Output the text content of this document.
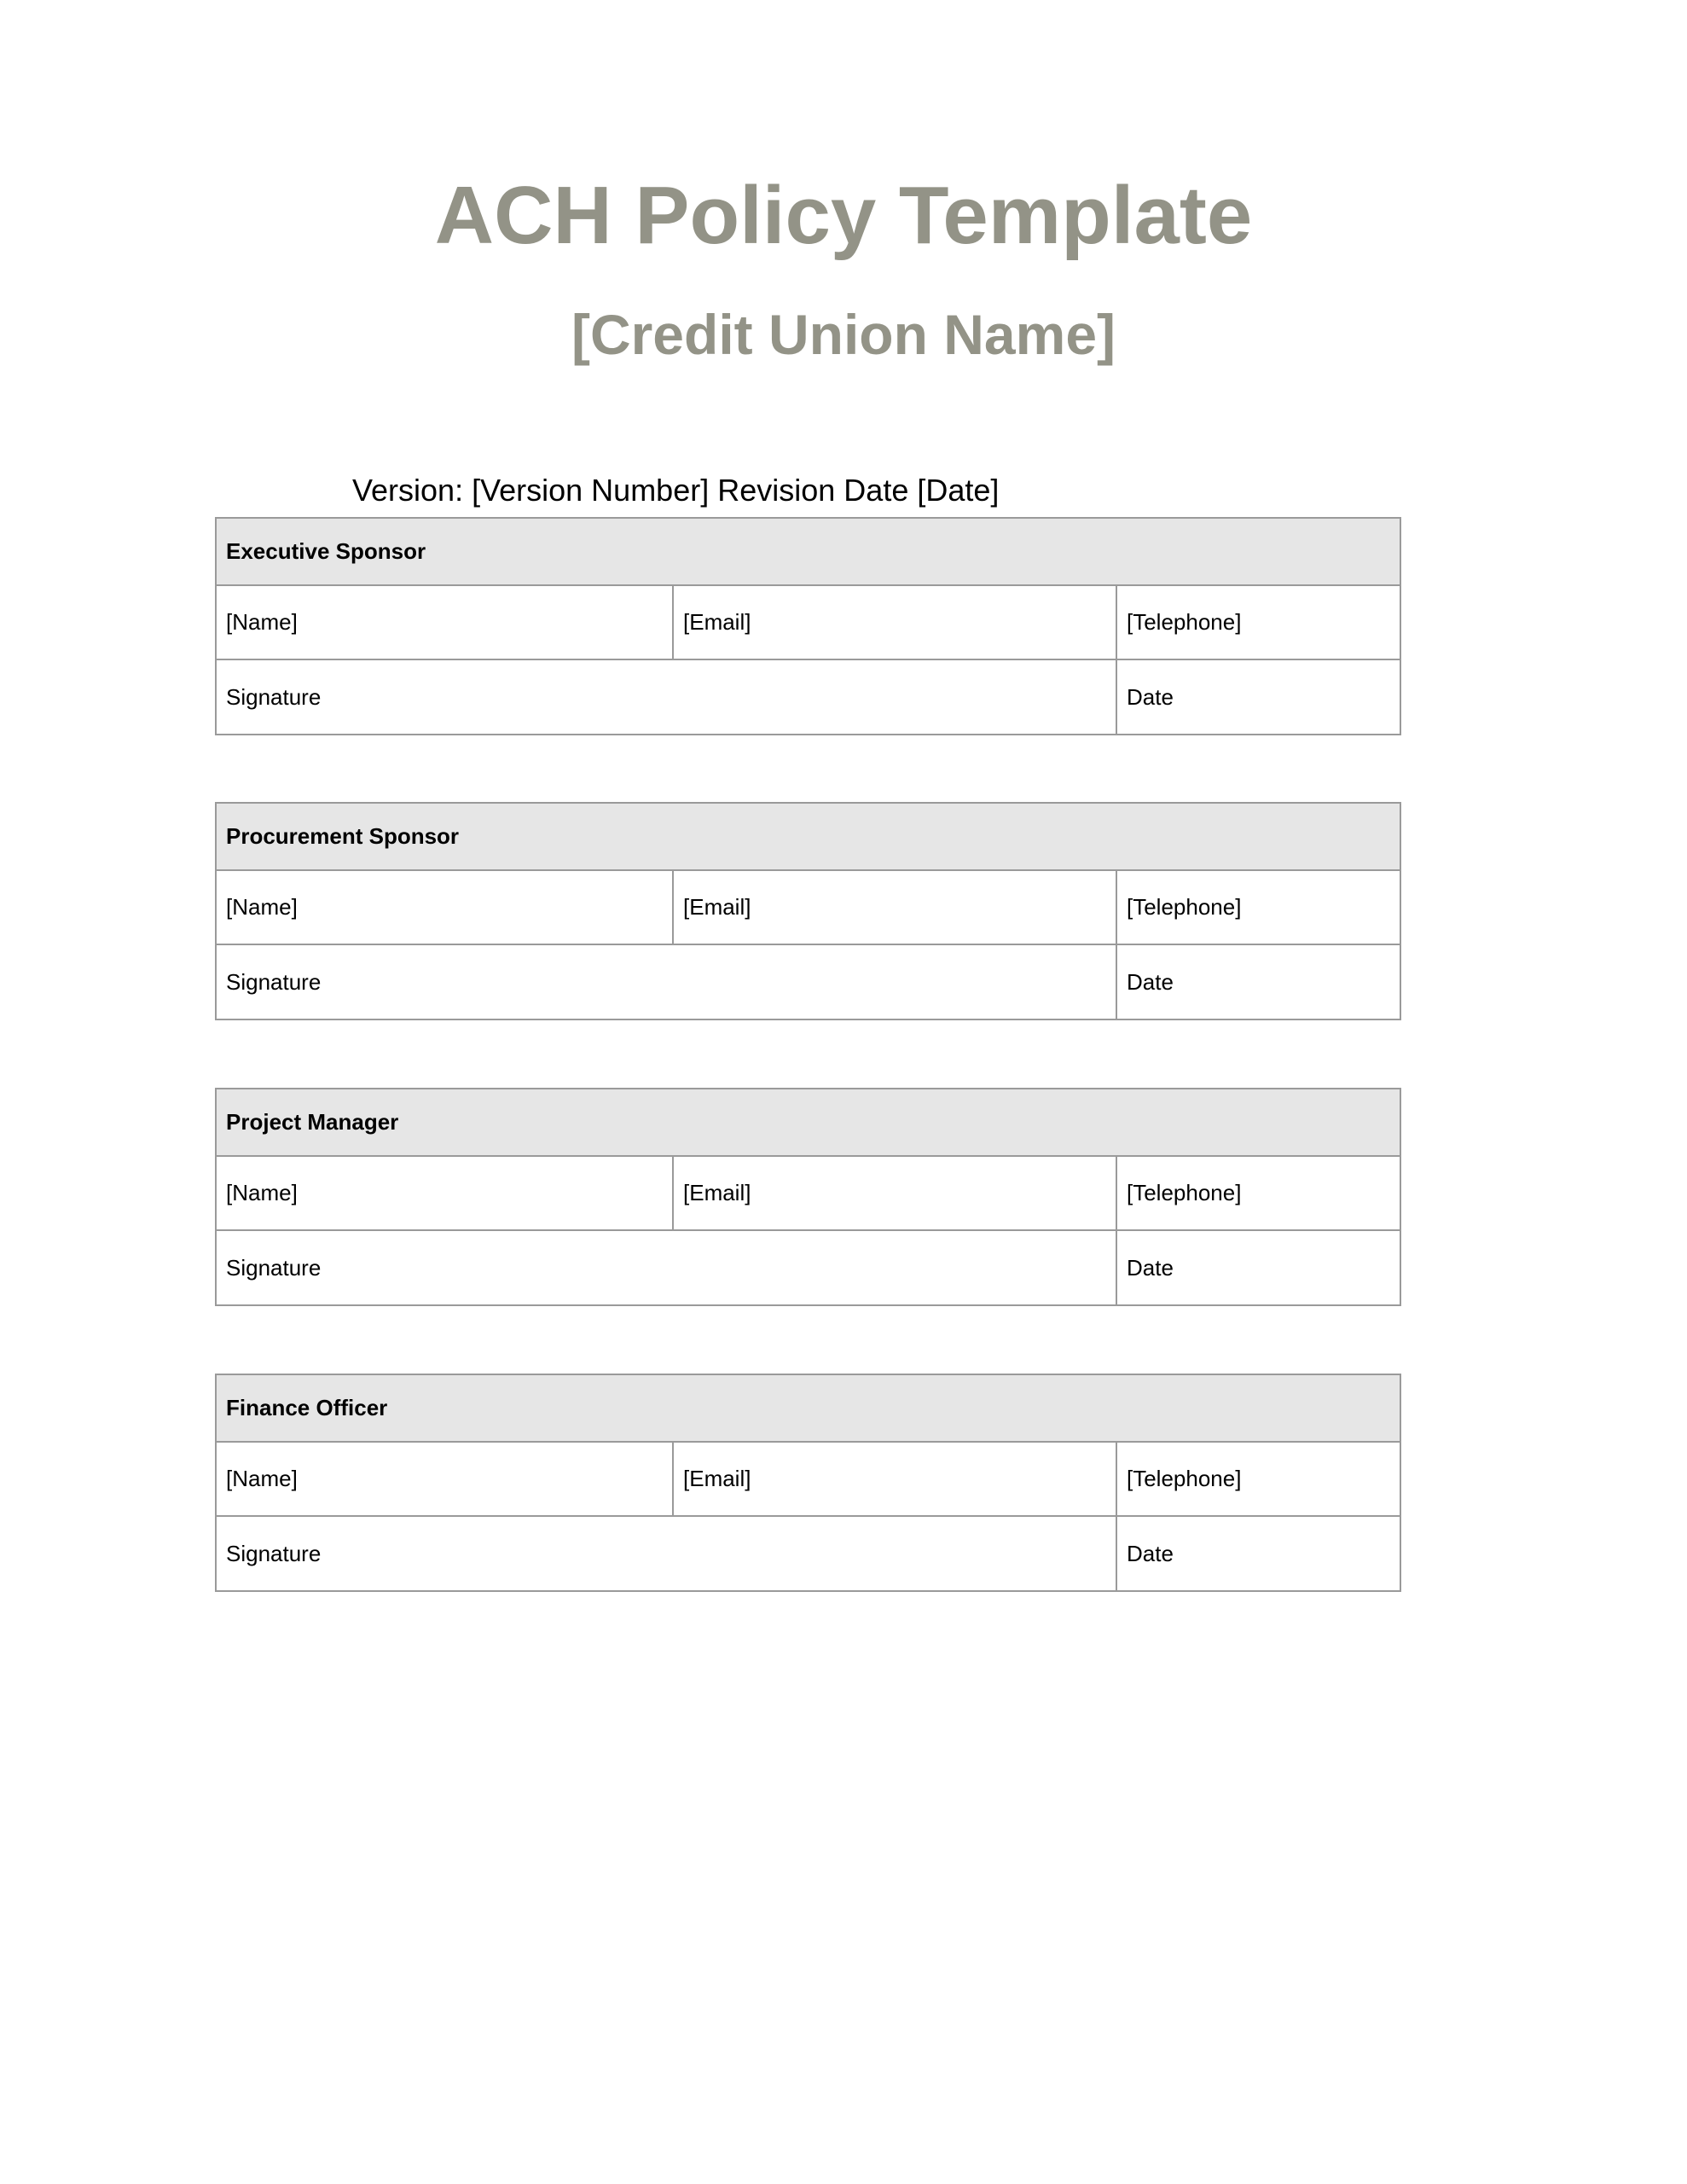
ACH Policy Template
[Credit Union Name]
Version: [Version Number] Revision Date [Date]
Executive Sponsor		
[Name]	[Email]	[Telephone]
Signature		Date
Procurement Sponsor		
[Name]	[Email]	[Telephone]
Signature		Date
Project Manager		
[Name]	[Email]	[Telephone]
Signature		Date
Finance Officer		
[Name]	[Email]	[Telephone]
Signature		Date
